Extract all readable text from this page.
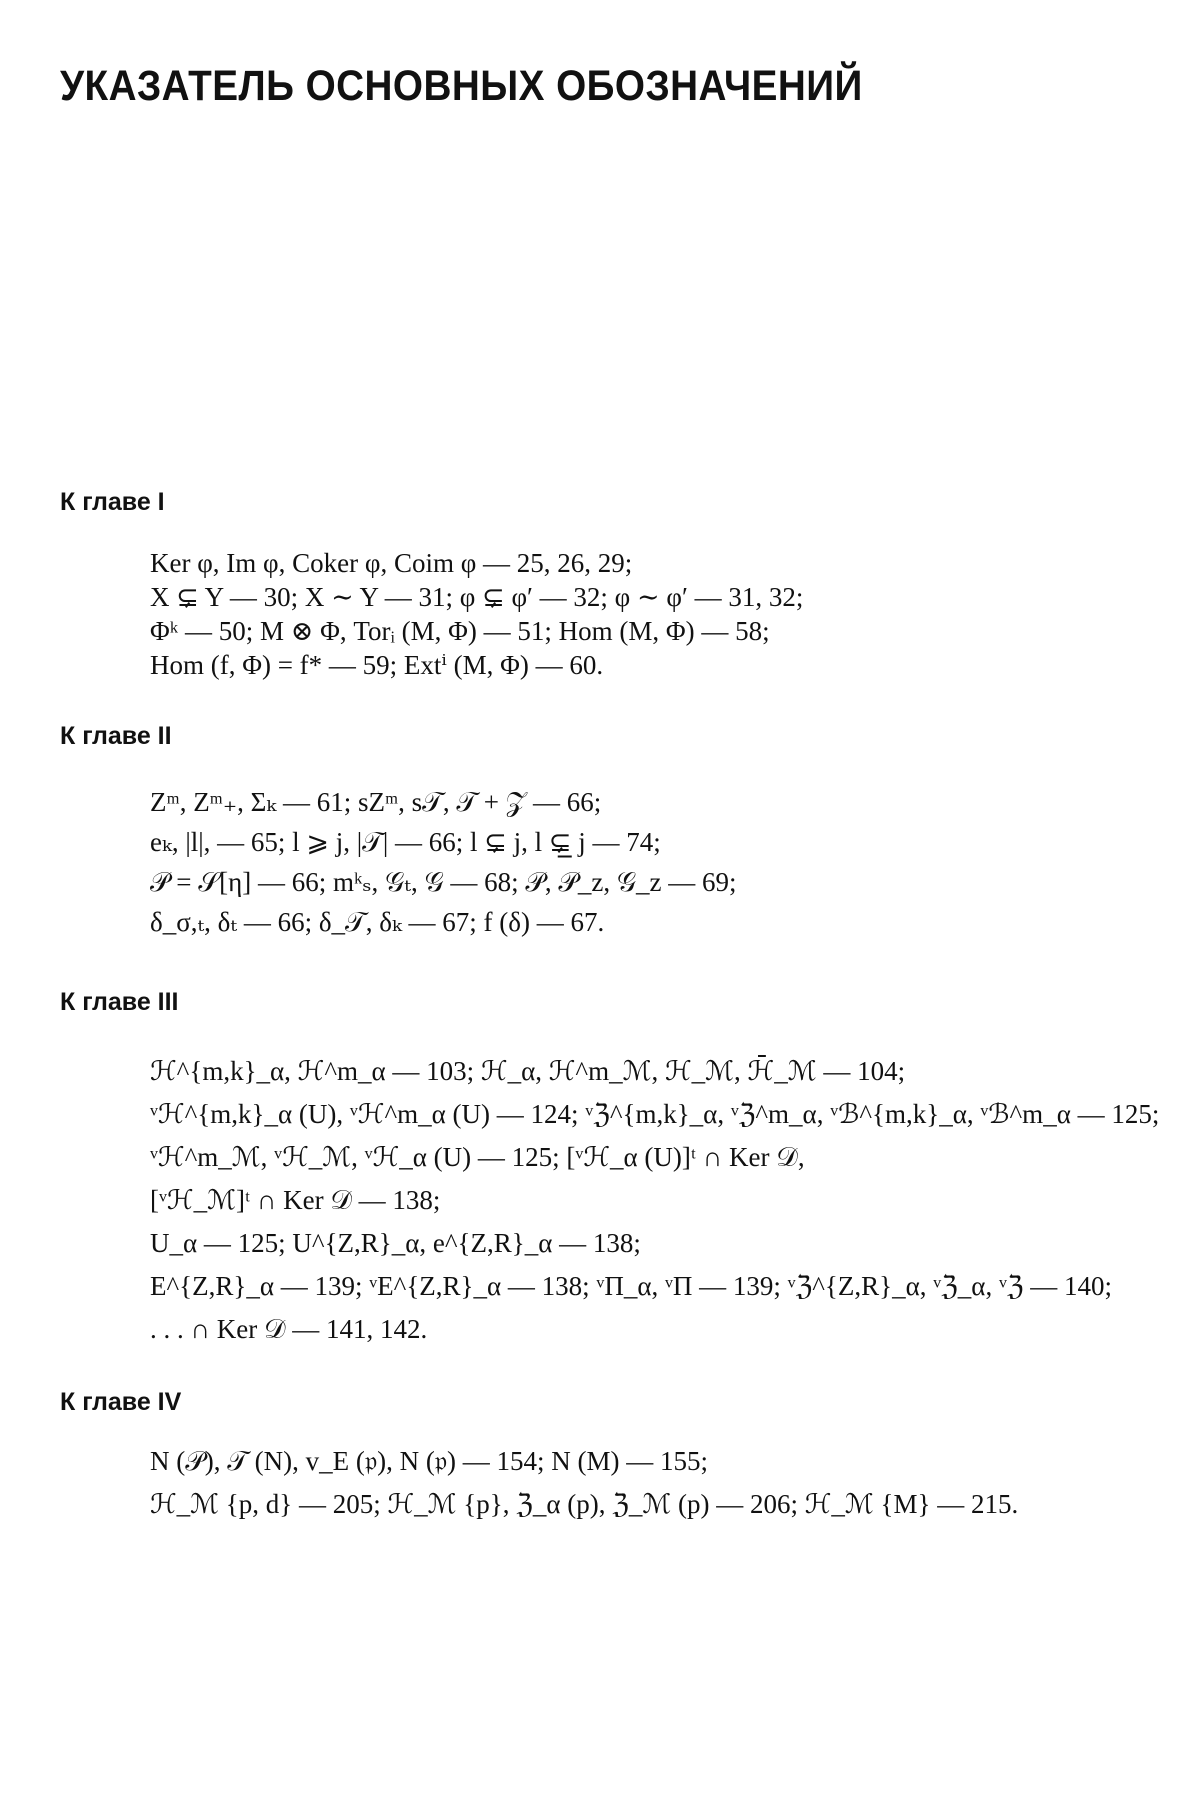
УКАЗАТЕЛЬ ОСНОВНЫХ ОБОЗНАЧЕНИЙ
К главе I
Ker φ, Im φ, Coker φ, Coim φ — 25, 26, 29;
X ⊊ Y — 30; X ∼ Y — 31; φ ⊊ φ′ — 32; φ ∼ φ′ — 31, 32;
Φᵏ — 50; M ⊗ Φ, Torᵢ (M, Φ) — 51; Hom (M, Φ) — 58;
Hom (f, Φ) = f* — 59; Extⁱ (M, Φ) — 60.
К главе II
Zᵐ, Zᵐ₊, Σₖ — 61; sZᵐ, s𝒯, 𝒯 + 𝒵 — 66;
eₖ, |l|, — 65; l ⩾ j, |𝒯| — 66; l ⊊ j, l ⊊̲ j — 74;
𝒫 = 𝒮[η] — 66; mᵏₛ, 𝒢ₜ, 𝒢 — 68; 𝒫, 𝒫_z, 𝒢_z — 69;
δ_σ,ₜ, δₜ — 66; δ_𝒯, δₖ — 67; f (δ) — 67.
К главе III
ℋ^{m,k}_α, ℋ^m_α — 103; ℋ_α, ℋ^m_ℳ, ℋ_ℳ, ℋ̄_ℳ — 104;
ᵛℋ^{m,k}_α (U), ᵛℋ^m_α (U) — 124; ᵛℨ^{m,k}_α, ᵛℨ^m_α, ᵛℬ^{m,k}_α, ᵛℬ^m_α — 125;
ᵛℋ^m_ℳ, ᵛℋ_ℳ, ᵛℋ_α (U) — 125; [ᵛℋ_α (U)]ᵗ ∩ Ker 𝒟,
[ᵛℋ_ℳ]ᵗ ∩ Ker 𝒟 — 138;
U_α — 125; U^{Z,R}_α, e^{Z,R}_α — 138;
E^{Z,R}_α — 139; ᵛE^{Z,R}_α — 138; ᵛΠ_α, ᵛΠ — 139; ᵛℨ^{Z,R}_α, ᵛℨ_α, ᵛℨ — 140;
. . . ∩ Ker 𝒟 — 141, 142.
К главе IV
N (𝒫), 𝒯 (N), v_E (𝔭), N (𝔭) — 154; N (M) — 155;
ℋ_ℳ {p, d} — 205; ℋ_ℳ {p}, ℨ_α (p), ℨ_ℳ (p) — 206; ℋ_ℳ {M} — 215.
